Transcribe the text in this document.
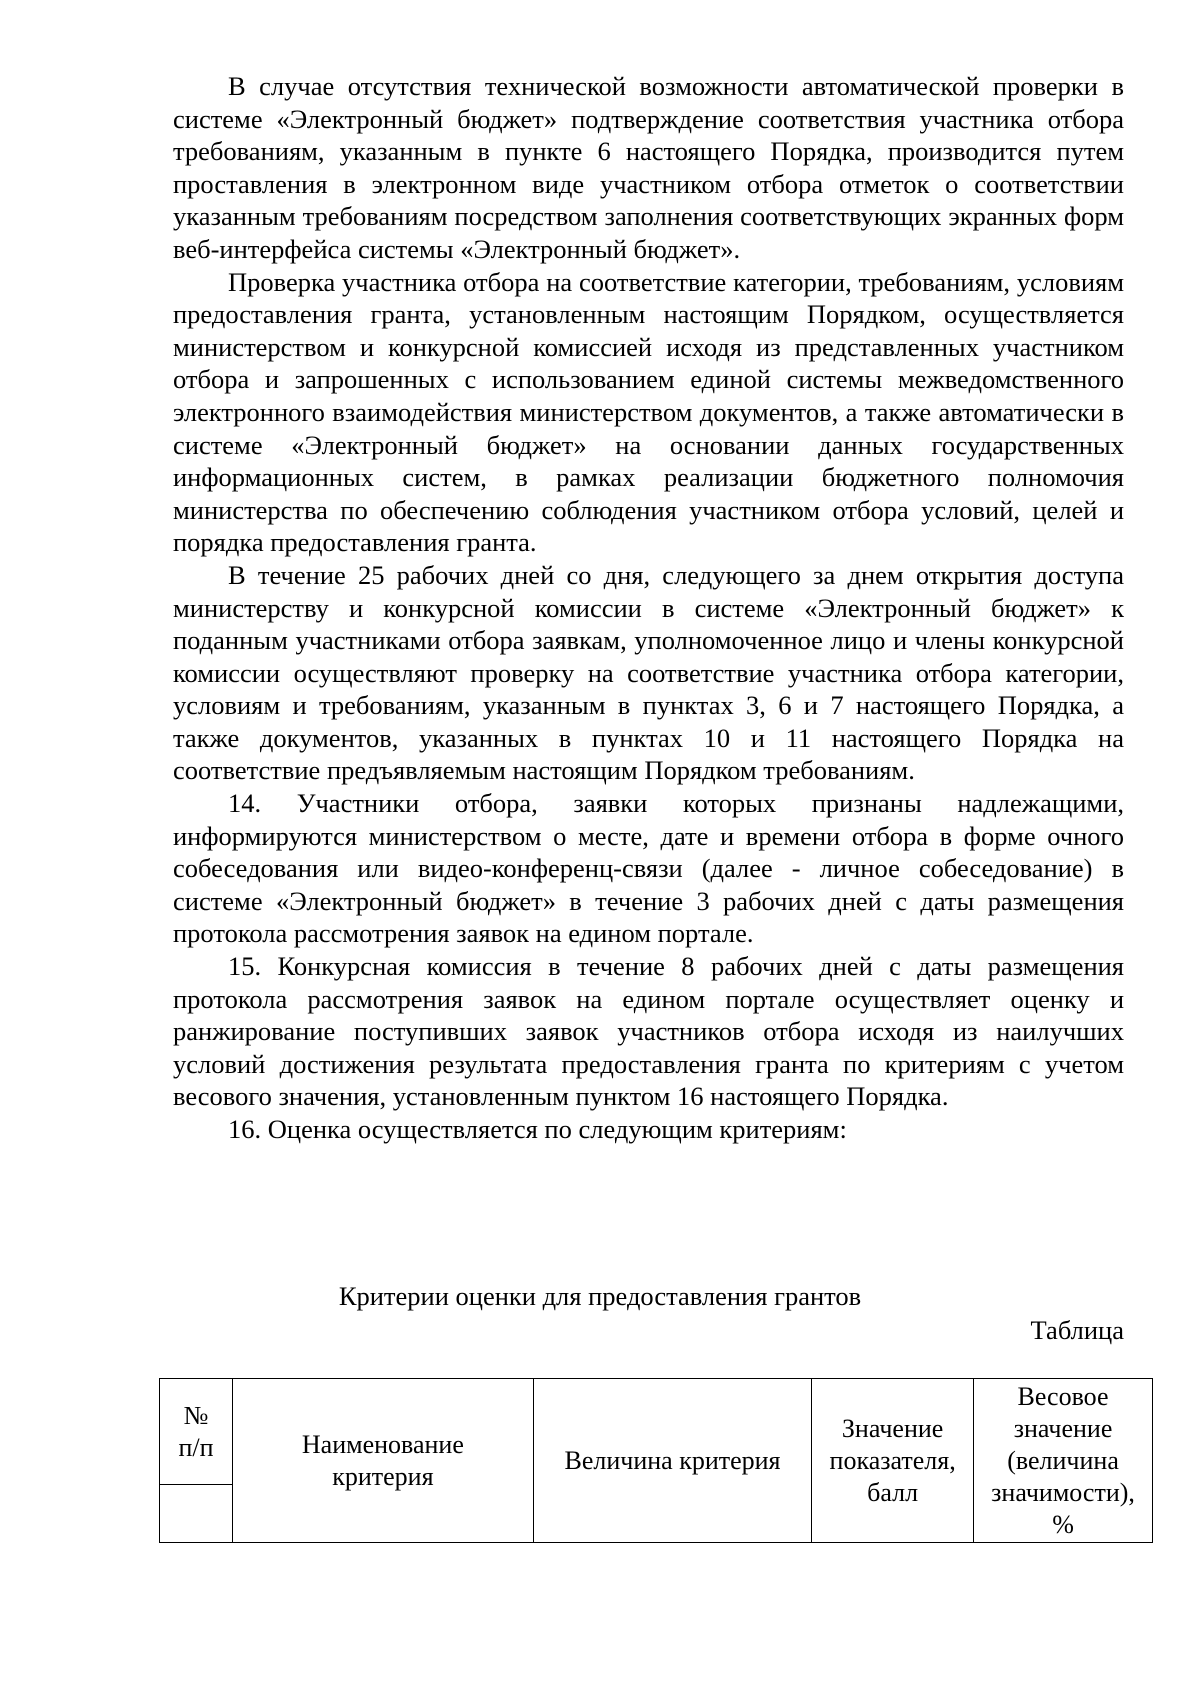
В случае отсутствия технической возможности автоматической проверки в системе «Электронный бюджет» подтверждение соответствия участника отбора требованиям, указанным в пункте 6 настоящего Порядка, производится путем проставления в электронном виде участником отбора отметок о соответствии указанным требованиям посредством заполнения соответствующих экранных форм веб-интерфейса системы «Электронный бюджет».

Проверка участника отбора на соответствие категории, требованиям, условиям предоставления гранта, установленным настоящим Порядком, осуществляется министерством и конкурсной комиссией исходя из представленных участником отбора и запрошенных с использованием единой системы межведомственного электронного взаимодействия министерством документов, а также автоматически в системе «Электронный бюджет» на основании данных государственных информационных систем, в рамках реализации бюджетного полномочия министерства по обеспечению соблюдения участником отбора условий, целей и порядка предоставления гранта.

В течение 25 рабочих дней со дня, следующего за днем открытия доступа министерству и конкурсной комиссии в системе «Электронный бюджет» к поданным участниками отбора заявкам, уполномоченное лицо и члены конкурсной комиссии осуществляют проверку на соответствие участника отбора категории, условиям и требованиям, указанным в пунктах 3, 6 и 7 настоящего Порядка, а также документов, указанных в пунктах 10 и 11 настоящего Порядка на соответствие предъявляемым настоящим Порядком требованиям.

14. Участники отбора, заявки которых признаны надлежащими, информируются министерством о месте, дате и времени отбора в форме очного собеседования или видео-конференц-связи (далее - личное собеседование) в системе «Электронный бюджет» в течение 3 рабочих дней с даты размещения протокола рассмотрения заявок на едином портале.

15. Конкурсная комиссия в течение 8 рабочих дней с даты размещения протокола рассмотрения заявок на едином портале осуществляет оценку и ранжирование поступивших заявок участников отбора исходя из наилучших условий достижения результата предоставления гранта по критериям с учетом весового значения, установленным пунктом 16 настоящего Порядка.

16. Оценка осуществляется по следующим критериям:

Критерии оценки для предоставления грантов
Таблица
№ п/п	Наименование критерия	Величина критерия	Значение показателя, балл	Весовое значение (величина значимости), %
